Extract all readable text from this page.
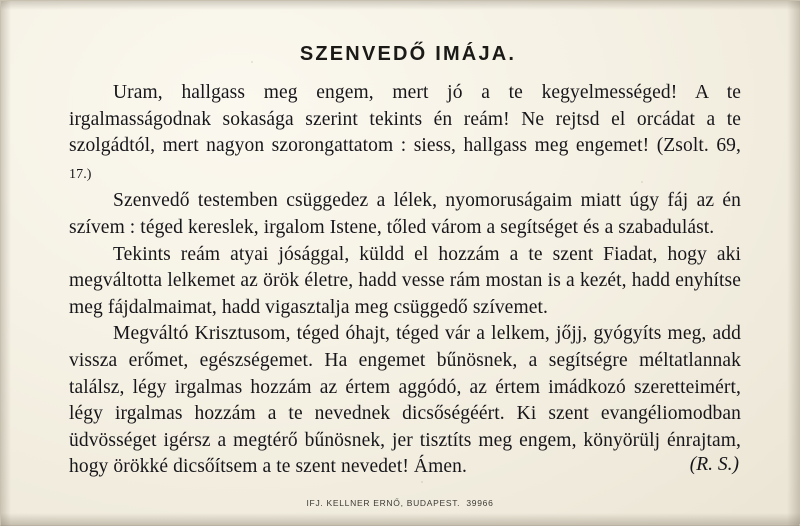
SZENVEDŐ IMÁJA.

Uram, hallgass meg engem, mert jó a te kegyelmességed! A te irgalmasságodnak sokasága szerint tekints én reám! Ne rejtsd el orcádat a te szolgádtól, mert nagyon szorongattatom : siess, hallgass meg engemet! (Zsolt. 69, 17.)

Szenvedő testemben csüggedez a lélek, nyomoruságaim miatt úgy fáj az én szívem : téged kereslek, irgalom Istene, tőled várom a segítséget és a szabadulást.

Tekints reám atyai jósággal, küldd el hozzám a te szent Fiadat, hogy aki megváltotta lelkemet az örök életre, hadd vesse rám mostan is a kezét, hadd enyhítse meg fájdalmaimat, hadd vigasztalja meg csüggedő szívemet.

Megváltó Krisztusom, téged óhajt, téged vár a lelkem, jőjj, gyógyíts meg, add vissza erőmet, egészségemet. Ha engemet bűnösnek, a segítségre méltatlannak találsz, légy irgalmas hozzám az értem aggódó, az értem imádkozó szeretteimért, légy irgalmas hozzám a te nevednek dicsőségéért. Ki szent evangéliomodban üdvösséget igérsz a megtérő bűnösnek, jer tisztíts meg engem, könyörülj énrajtam, hogy örökké dicsőítsem a te szent nevedet! Ámen.	(R. S.)
IFJ. KELLNER ERNŐ, BUDAPEST. 39966
